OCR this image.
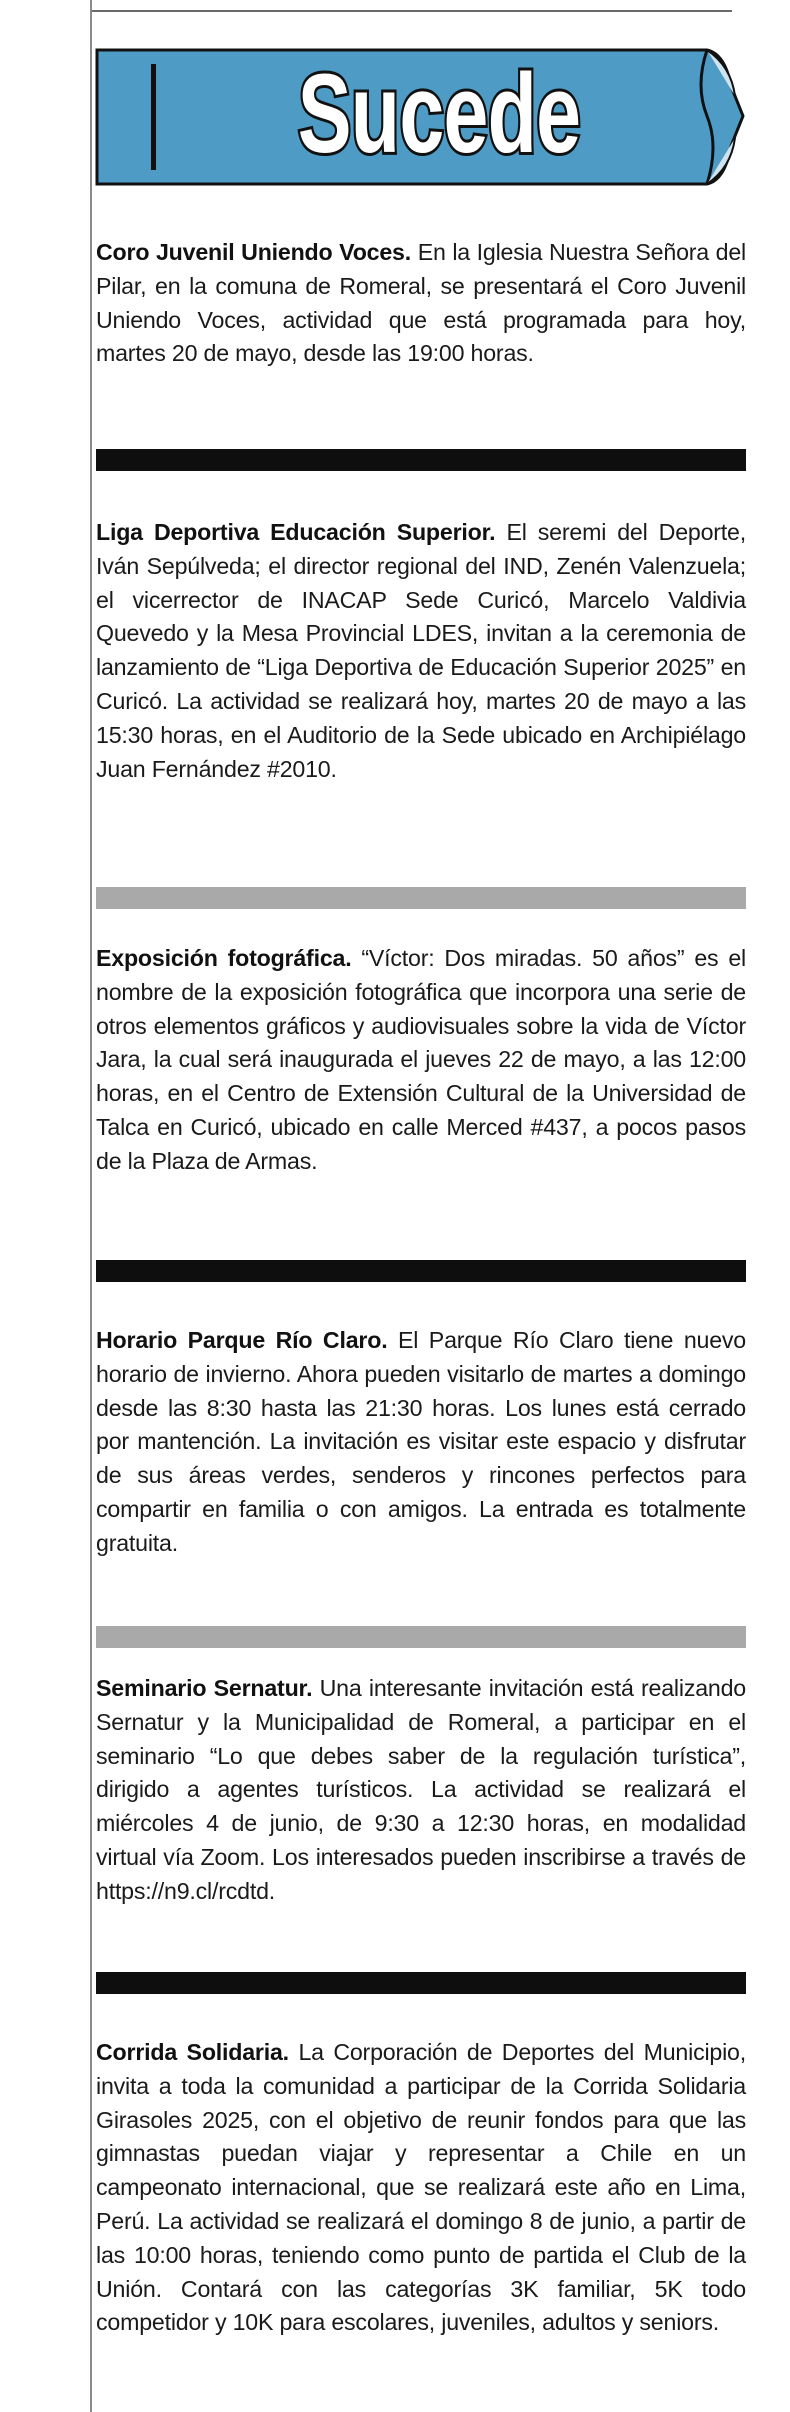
Sucede
Coro Juvenil Uniendo Voces. En la Iglesia Nuestra Señora del Pilar, en la comuna de Romeral, se presentará el Coro Juvenil Uniendo Voces, actividad que está programada para hoy, martes 20 de mayo, desde las 19:00 horas.
Liga Deportiva Educación Superior. El seremi del Deporte, Iván Sepúlveda; el director regional del IND, Zenén Valenzuela; el vicerrector de INACAP Sede Curicó, Marcelo Valdivia Quevedo y la Mesa Provincial LDES, invitan a la ceremonia de lanzamiento de “Liga Deportiva de Educación Superior 2025” en Curicó. La actividad se realizará hoy, martes 20 de mayo a las 15:30 horas, en el Auditorio de la Sede ubicado en Archipiélago Juan Fernández #2010.
Exposición fotográfica. “Víctor: Dos miradas. 50 años” es el nombre de la exposición fotográfica que incorpora una serie de otros elementos gráficos y audiovisuales sobre la vida de Víctor Jara, la cual será inaugurada el jueves 22 de mayo, a las 12:00 horas, en el Centro de Extensión Cultural de la Universidad de Talca en Curicó, ubicado en calle Merced #437, a pocos pasos de la Plaza de Armas.
Horario Parque Río Claro. El Parque Río Claro tiene nuevo horario de invierno. Ahora pueden visitarlo de martes a domingo desde las 8:30 hasta las 21:30 horas. Los lunes está cerrado por mantención. La invitación es visitar este espacio y disfrutar de sus áreas verdes, senderos y rincones perfectos para compartir en familia o con amigos. La entrada es totalmente gratuita.
Seminario Sernatur. Una interesante invitación está realizando Sernatur y la Municipalidad de Romeral, a participar en el seminario “Lo que debes saber de la regulación turística”, dirigido a agentes turísticos. La actividad se realizará el miércoles 4 de junio, de 9:30 a 12:30 horas, en modalidad virtual vía Zoom. Los interesados pueden inscribirse a través de https://n9.cl/rcdtd.
Corrida Solidaria. La Corporación de Deportes del Municipio, invita a toda la comunidad a participar de la Corrida Solidaria Girasoles 2025, con el objetivo de reunir fondos para que las gimnastas puedan viajar y representar a Chile en un campeonato internacional, que se realizará este año en Lima, Perú. La actividad se realizará el domingo 8 de junio, a partir de las 10:00 horas, teniendo como punto de partida el Club de la Unión. Contará con las categorías 3K familiar, 5K todo competidor y 10K para escolares, juveniles, adultos y seniors.
